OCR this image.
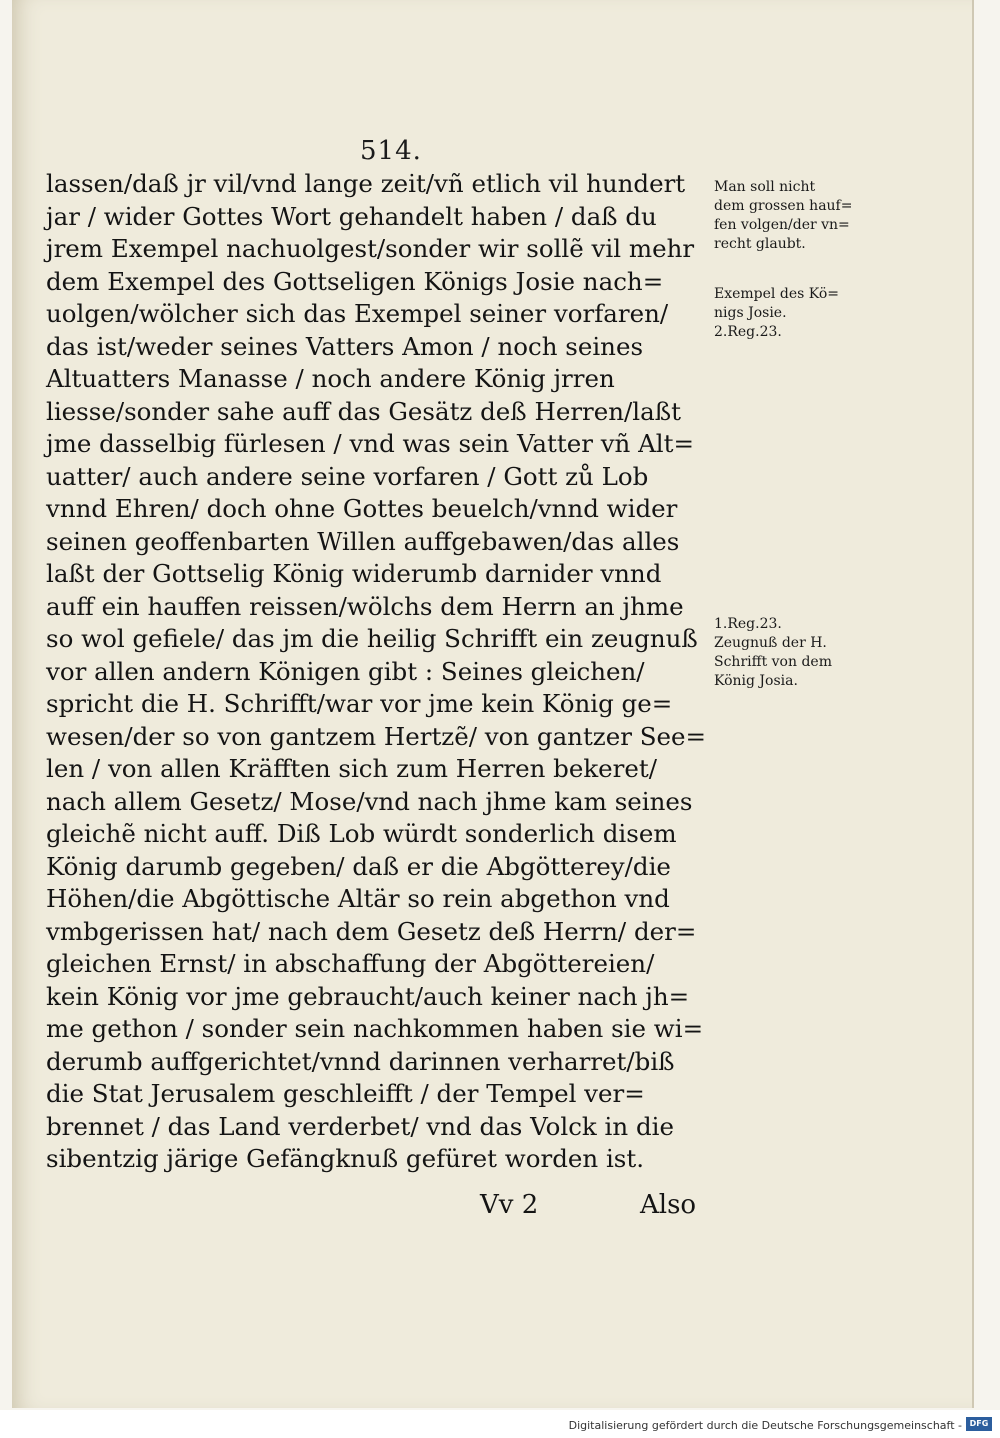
514.
lassen/daß jr vil/vnd lange zeit/vñ etlich vil hundert
jar / wider Gottes Wort gehandelt haben / daß du
jrem Exempel nachuolgest/sonder wir sollẽ vil mehr
dem Exempel des Gottseligen Königs Josie nach=
uolgen/wölcher sich das Exempel seiner vorfaren/
das ist/weder seines Vatters Amon / noch seines
Altuatters Manasse / noch andere König jrren
liesse/sonder sahe auff das Gesätz deß Herren/laßt
jme dasselbig fürlesen / vnd was sein Vatter vñ Alt=
uatter/ auch andere seine vorfaren / Gott zů Lob
vnnd Ehren/ doch ohne Gottes beuelch/vnnd wider
seinen geoffenbarten Willen auffgebawen/das alles
laßt der Gottselig König widerumb darnider vnnd
auff ein hauffen reissen/wölchs dem Herrn an jhme
so wol gefiele/ das jm die heilig Schrifft ein zeugnuß
vor allen andern Königen gibt : Seines gleichen/
spricht die H. Schrifft/war vor jme kein König ge=
wesen/der so von gantzem Hertzẽ/ von gantzer See=
len / von allen Kräfften sich zum Herren bekeret/
nach allem Gesetz/ Mose/vnd nach jhme kam seines
gleichẽ nicht auff. Diß Lob würdt sonderlich disem
König darumb gegeben/ daß er die Abgötterey/die
Höhen/die Abgöttische Altär so rein abgethon vnd
vmbgerissen hat/ nach dem Gesetz deß Herrn/ der=
gleichen Ernst/ in abschaffung der Abgöttereien/
kein König vor jme gebraucht/auch keiner nach jh=
me gethon / sonder sein nachkommen haben sie wi=
derumb auffgerichtet/vnnd darinnen verharret/biß
die Stat Jerusalem geschleifft / der Tempel ver=
brennet / das Land verderbet/ vnd das Volck in die
sibentzig järige Gefängknuß gefüret worden ist.
Vv 2	Also
Man soll nicht
dem grossen hauf=
fen volgen/der vn=
recht glaubt.
Exempel des Kö=
nigs Josie.
2.Reg.23.
1.Reg.23.
Zeugnuß der H.
Schrifft von dem
König Josia.
Digitalisierung gefördert durch die Deutsche Forschungsgemeinschaft - DFG
